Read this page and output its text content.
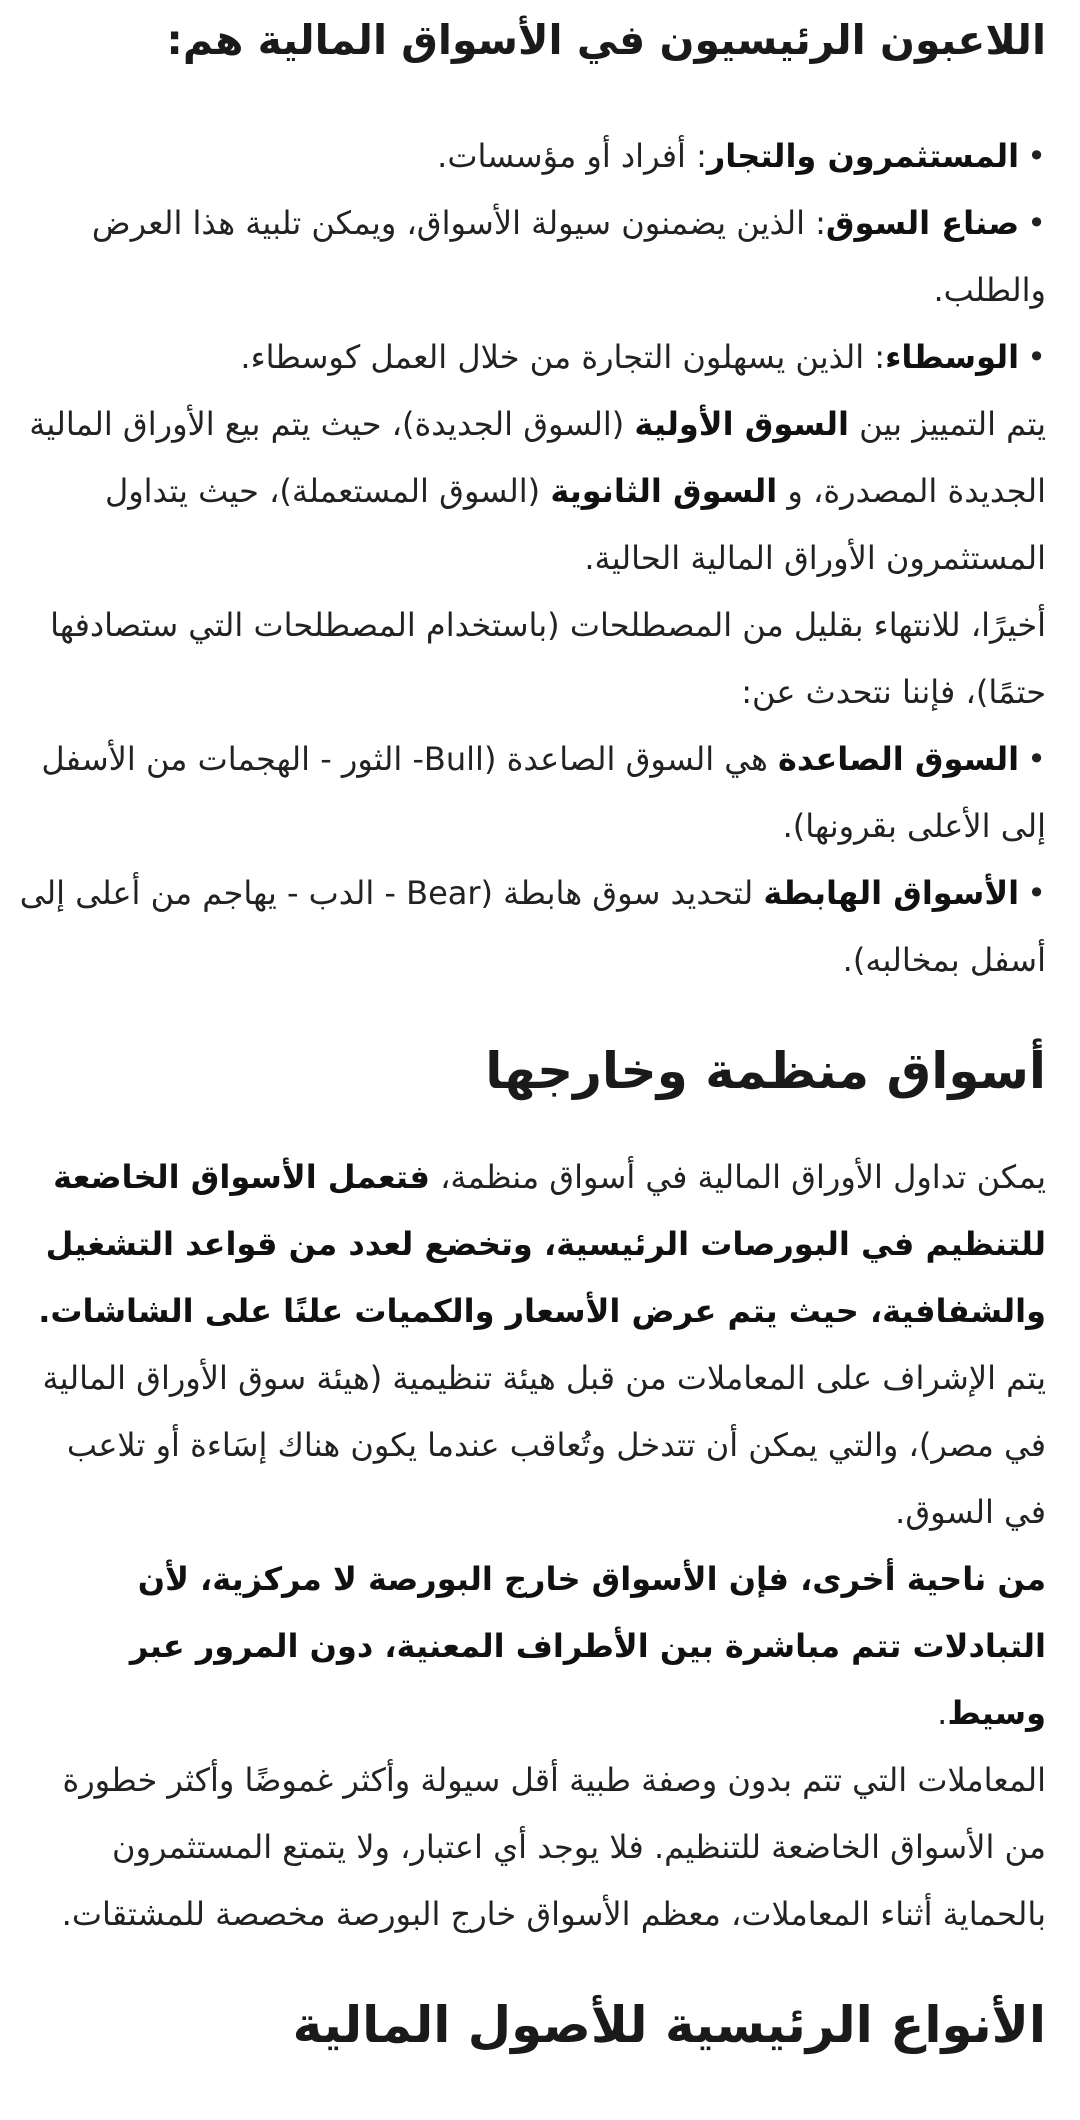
اللاعبون الرئيسيون في الأسواق المالية هم:

•المستثمرون والتجار: أفراد أو مؤسسات.

•صناع السوق: الذين يضمنون سيولة الأسواق، ويمكن تلبية هذا العرض والطلب.

•الوسطاء: الذين يسهلون التجارة من خلال العمل كوسطاء.

يتم التمييز بين السوق الأولية (السوق الجديدة)، حيث يتم بيع الأوراق المالية الجديدة المصدرة، و السوق الثانوية (السوق المستعملة)، حيث يتداول المستثمرون الأوراق المالية الحالية.

أخيرًا، للانتهاء بقليل من المصطلحات (باستخدام المصطلحات التي ستصادفها حتمًا)، فإننا نتحدث عن:

•السوق الصاعدة هي السوق الصاعدة (Bull- الثور - الهجمات من الأسفل إلى الأعلى بقرونها).

•الأسواق الهابطة لتحديد سوق هابطة (Bear - الدب - يهاجم من أعلى إلى أسفل بمخالبه).

أسواق منظمة وخارجها

يمكن تداول الأوراق المالية في أسواق منظمة، فتعمل الأسواق الخاضعة للتنظيم في البورصات الرئيسية، وتخضع لعدد من قواعد التشغيل والشفافية، حيث يتم عرض الأسعار والكميات علنًا على الشاشات.

يتم الإشراف على المعاملات من قبل هيئة تنظيمية (هيئة سوق الأوراق المالية في مصر)، والتي يمكن أن تتدخل وتُعاقب عندما يكون هناك إسَاءة أو تلاعب في السوق.

من ناحية أخرى، فإن الأسواق خارج البورصة لا مركزية، لأن التبادلات تتم مباشرة بين الأطراف المعنية، دون المرور عبر وسيط.

المعاملات التي تتم بدون وصفة طبية أقل سيولة وأكثر غموضًا وأكثر خطورة من الأسواق الخاضعة للتنظيم. فلا يوجد أي اعتبار، ولا يتمتع المستثمرون بالحماية أثناء المعاملات، معظم الأسواق خارج البورصة مخصصة للمشتقات.

الأنواع الرئيسية للأصول المالية
